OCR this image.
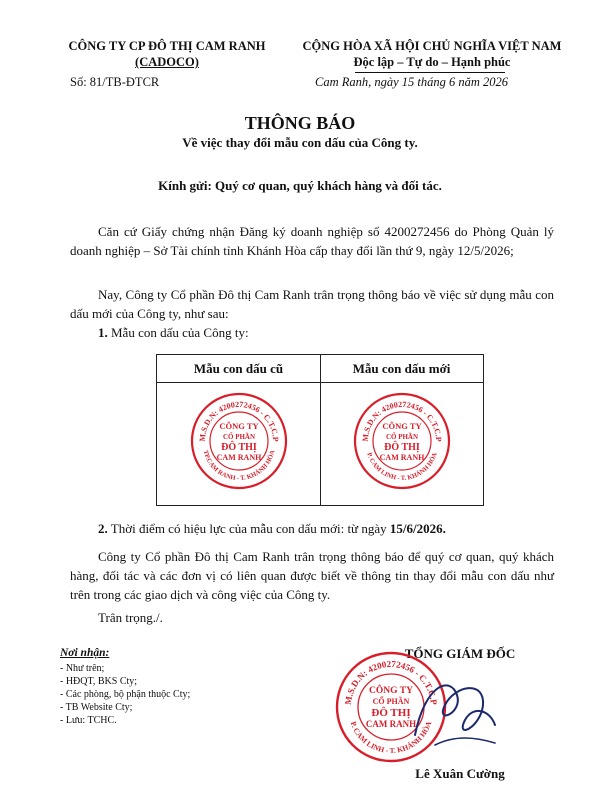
CÔNG TY CP ĐÔ THỊ CAM RANH
(CADOCO)
CỘNG HÒA XÃ HỘI CHỦ NGHĨA VIỆT NAM
Độc lập – Tự do – Hạnh phúc
Số: 81/TB-ĐTCR	Cam Ranh, ngày 15 tháng 6 năm 2026
THÔNG BÁO
Về việc thay đổi mẫu con dấu của Công ty.
Kính gửi: Quý cơ quan, quý khách hàng và đối tác.
Căn cứ Giấy chứng nhận Đăng ký doanh nghiệp số 4200272456 do Phòng Quản lý doanh nghiệp – Sở Tài chính tỉnh Khánh Hòa cấp thay đổi lần thứ 9, ngày 12/5/2026;
Nay, Công ty Cổ phần Đô thị Cam Ranh trân trọng thông báo về việc sử dụng mẫu con dấu mới của Công ty, như sau:
1. Mẫu con dấu của Công ty:
Mẫu con dấu cũ	Mẫu con dấu mới
M.S.D.N: 4200272456 - C.T.C.P
TP.CAM RANH - T. KHÁNH HÒA
CÔNG TY
CỔ PHẦN
ĐÔ THỊ
CAM RANH
M.S.D.N: 4200272456 - C.T.C.P
P. CAM LINH - T. KHÁNH HÒA
CÔNG TY
CỔ PHẦN
ĐÔ THỊ
CAM RANH
2. Thời điểm có hiệu lực của mẫu con dấu mới: từ ngày 15/6/2026.
Công ty Cổ phần Đô thị Cam Ranh trân trọng thông báo để quý cơ quan, quý khách hàng, đối tác và các đơn vị có liên quan được biết về thông tin thay đổi mẫu con dấu như trên trong các giao dịch và công việc của Công ty.
Trân trọng./.
Nơi nhận:
- Như trên;
- HĐQT, BKS Cty;
- Các phòng, bộ phận thuộc Cty;
- TB Website Cty;
- Lưu: TCHC.
TỔNG GIÁM ĐỐC
M.S.D.N: 4200272456 - C.T.C.P
P. CAM LINH - T. KHÁNH HÒA
CÔNG TY
CỔ PHẦN
ĐÔ THỊ
CAM RANH
Lê Xuân Cường
